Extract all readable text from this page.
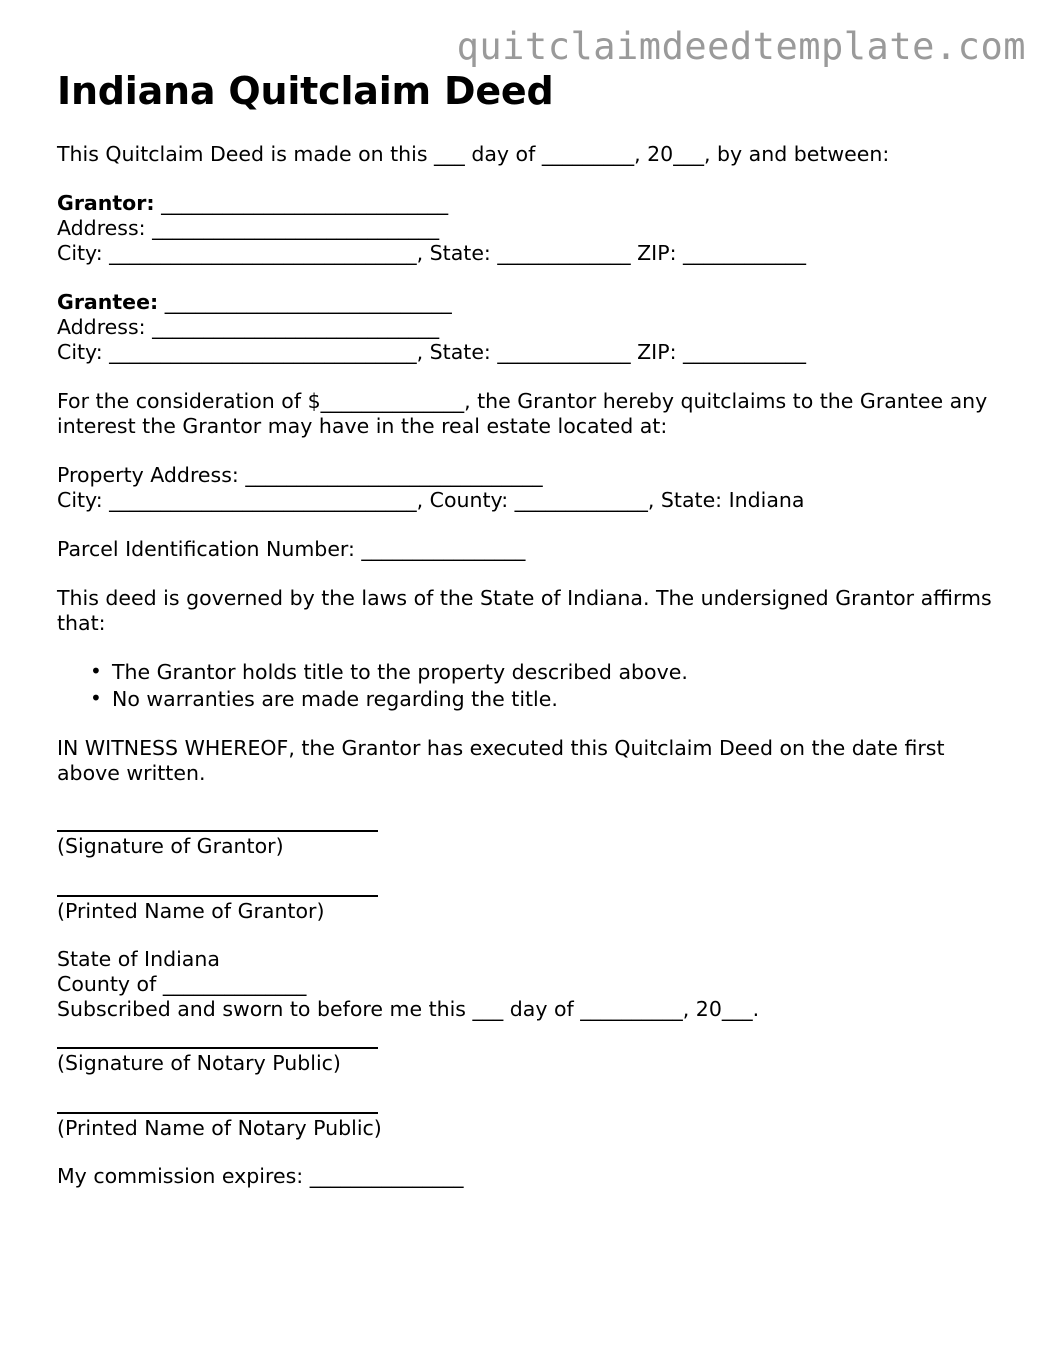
quitclaimdeedtemplate.com
Indiana Quitclaim Deed

This Quitclaim Deed is made on this ___ day of _________, 20___, by and between:

Grantor: ____________________________
Address: ____________________________
City: ______________________________, State: _____________ ZIP: ____________
Grantee: ____________________________
Address: ____________________________
City: ______________________________, State: _____________ ZIP: ____________

For the consideration of $______________, the Grantor hereby quitclaims to the Grantee any interest the Grantor may have in the real estate located at:

Property Address: _____________________________
City: ______________________________, County: _____________, State: Indiana
Parcel Identification Number: ________________

This deed is governed by the laws of the State of Indiana. The undersigned Grantor affirms that:

• The Grantor holds title to the property described above.
• No warranties are made regarding the title.

IN WITNESS WHEREOF, the Grantor has executed this Quitclaim Deed on the date first above written.

(Signature of Grantor)
(Printed Name of Grantor)
State of Indiana
County of ______________
Subscribed and sworn to before me this ___ day of __________, 20___.
(Signature of Notary Public)
(Printed Name of Notary Public)

My commission expires: _______________
